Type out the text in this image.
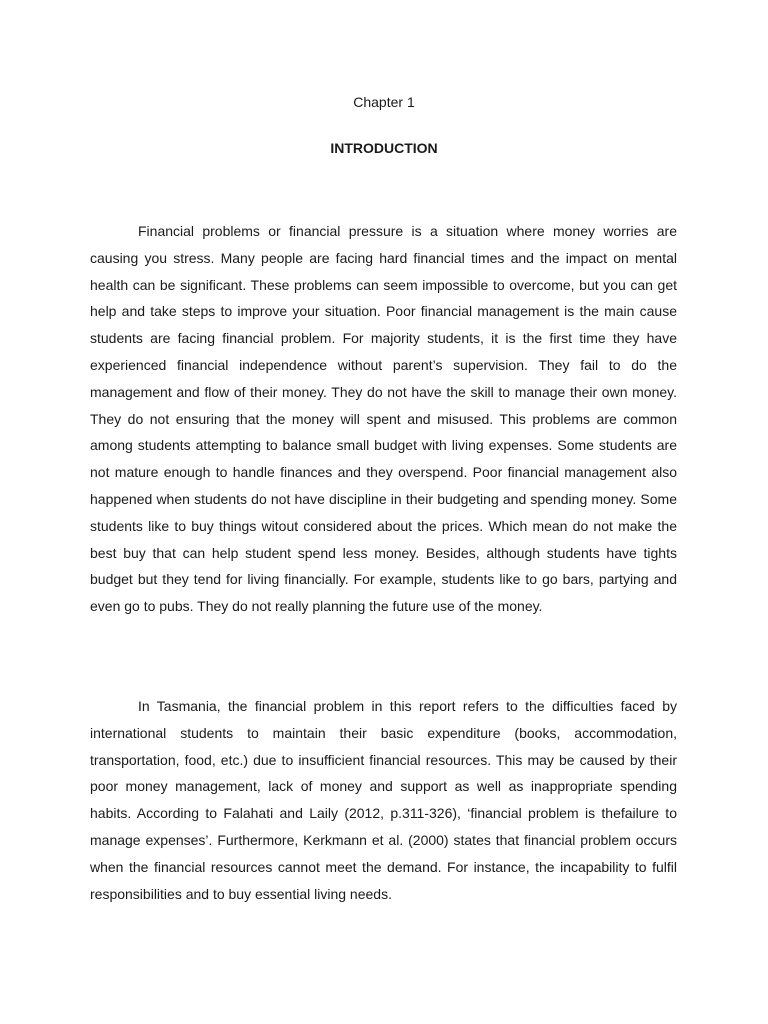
Chapter 1
INTRODUCTION

Financial problems or financial pressure is a situation where money worries are causing you stress. Many people are facing hard financial times and the impact on mental health can be significant. These problems can seem impossible to overcome, but you can get help and take steps to improve your situation. Poor financial management is the main cause students are facing financial problem. For majority students, it is the first time they have experienced financial independence without parent’s supervision. They fail to do the management and flow of their money. They do not have the skill to manage their own money. They do not ensuring that the money will spent and misused. This problems are common among students attempting to balance small budget with living expenses. Some students are not mature enough to handle finances and they overspend. Poor financial management also happened when students do not have discipline in their budgeting and spending money. Some students like to buy things witout considered about the prices. Which mean do not make the best buy that can help student spend less money. Besides, although students have tights budget but they tend for living financially. For example, students like to go bars, partying and even go to pubs. They do not really planning the future use of the money.

In Tasmania, the financial problem in this report refers to the difficulties faced by international students to maintain their basic expenditure (books, accommodation, transportation, food, etc.) due to insufficient financial resources. This may be caused by their poor money management, lack of money and support as well as inappropriate spending habits. According to Falahati and Laily (2012, p.311-326), ‘financial problem is thefailure to manage expenses’. Furthermore, Kerkmann et al. (2000) states that financial problem occurs when the financial resources cannot meet the demand. For instance, the incapability to fulfil responsibilities and to buy essential living needs.
